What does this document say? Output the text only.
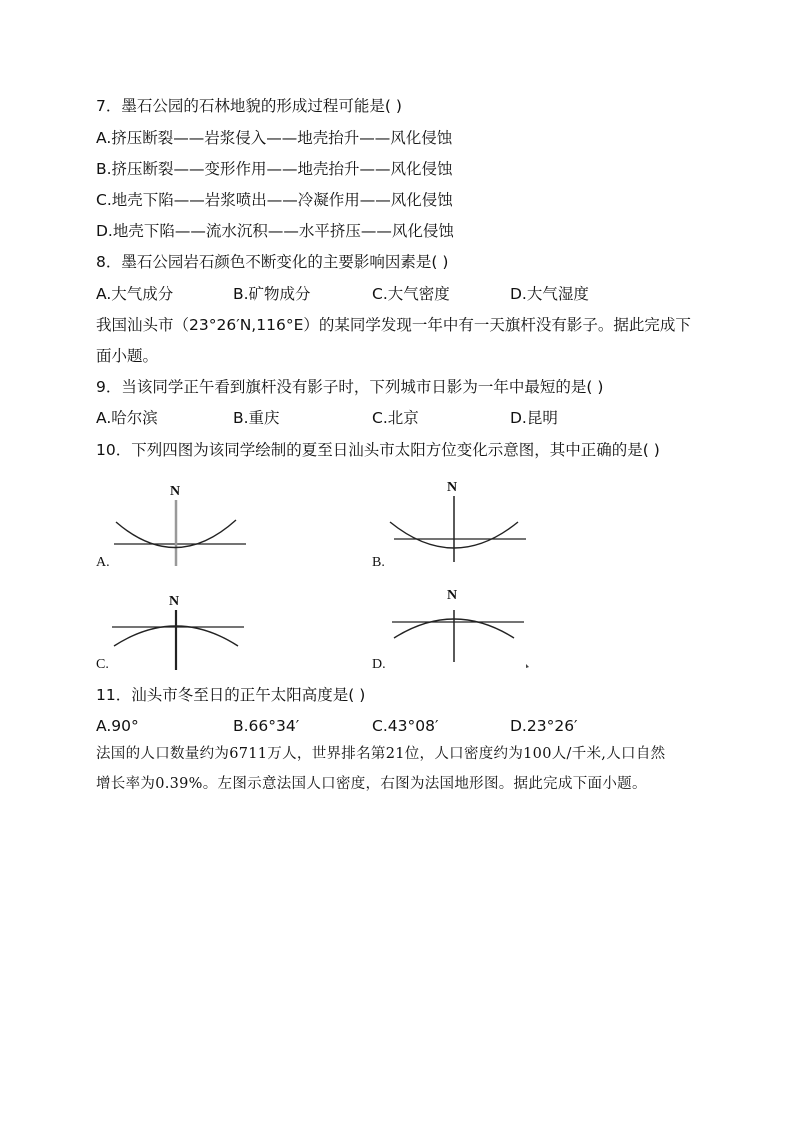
7．墨石公园的石林地貌的形成过程可能是( )
A.挤压断裂——岩浆侵入——地壳抬升——风化侵蚀
B.挤压断裂——变形作用——地壳抬升——风化侵蚀
C.地壳下陷——岩浆喷出——冷凝作用——风化侵蚀
D.地壳下陷——流水沉积——水平挤压——风化侵蚀
8．墨石公园岩石颜色不断变化的主要影响因素是( )
A.大气成分	B.矿物成分	C.大气密度	D.大气湿度
我国汕头市（23°26′N,116°E）的某同学发现一年中有一天旗杆没有影子。据此完成下
面小题。
9．当该同学正午看到旗杆没有影子时，下列城市日影为一年中最短的是( )
A.哈尔滨	B.重庆	C.北京	D.昆明
10．下列四图为该同学绘制的夏至日汕头市太阳方位变化示意图，其中正确的是( )
N
A.
N
B.
N
C.
N
D.
11．汕头市冬至日的正午太阳高度是( )
A.90°	B.66°34′	C.43°08′	D.23°26′
法国的人口数量约为6711万人，世界排名第21位，人口密度约为100人/千米,人口自然
增长率为0.39%。左图示意法国人口密度，右图为法国地形图。据此完成下面小题。
